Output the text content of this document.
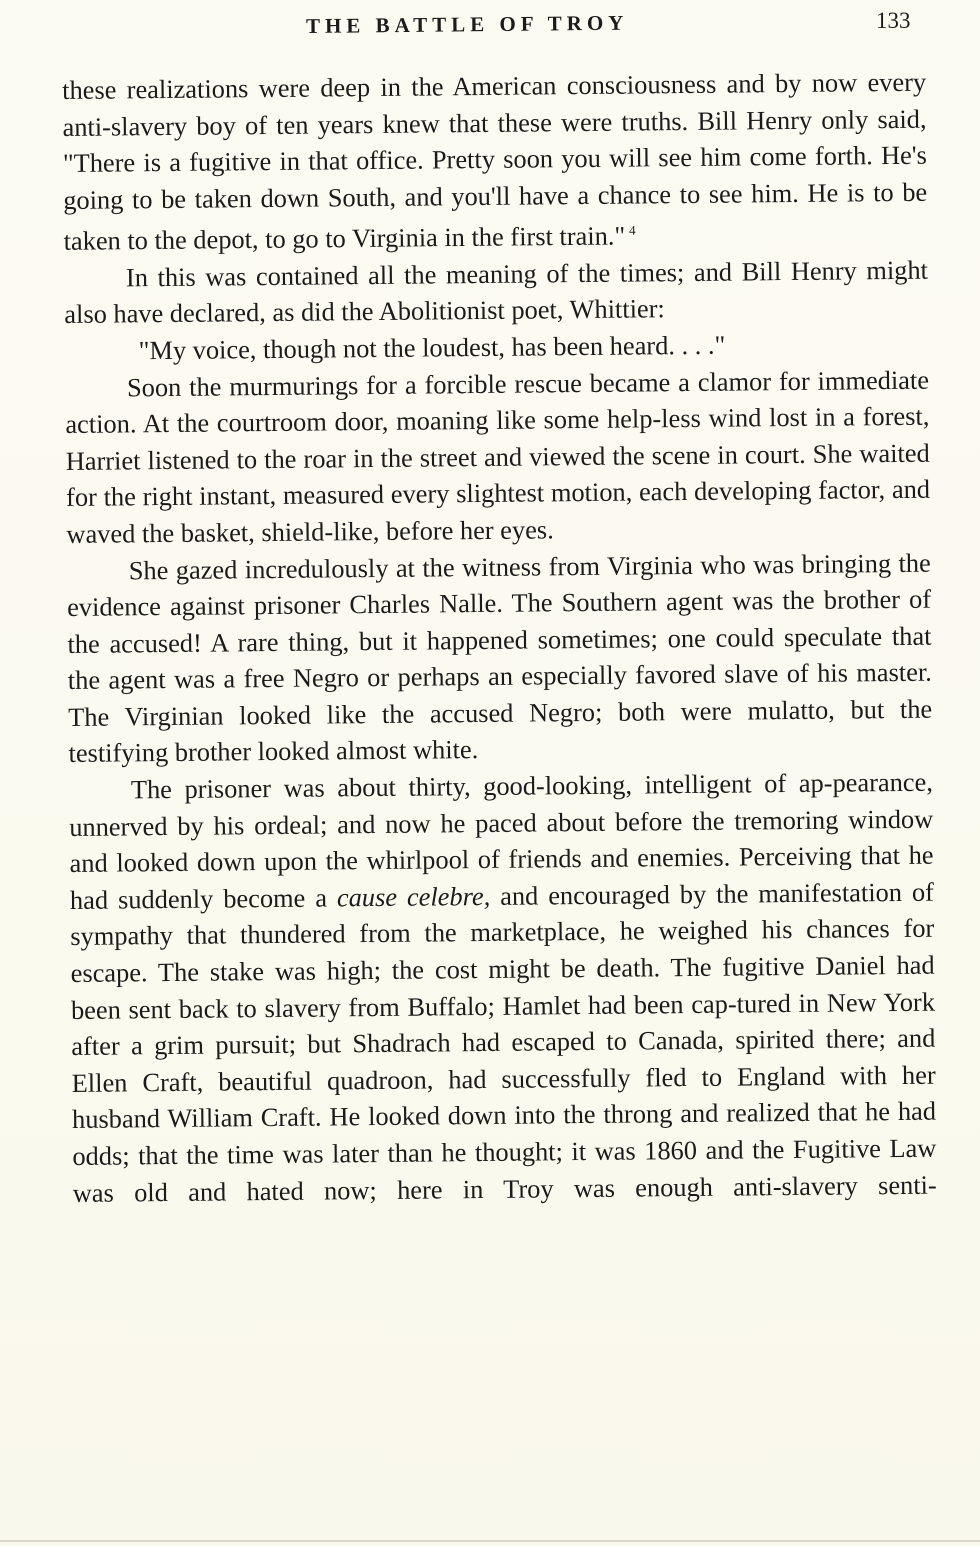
THE BATTLE OF TROY	133

these realizations were deep in the American consciousness and by now every anti-slavery boy of ten years knew that these were truths. Bill Henry only said, "There is a fugitive in that office. Pretty soon you will see him come forth. He's going to be taken down South, and you'll have a chance to see him. He is to be taken to the depot, to go to Virginia in the first train." $^4$

In this was contained all the meaning of the times; and Bill Henry might also have declared, as did the Abolitionist poet, Whittier:

"My voice, though not the loudest, has been heard. . . ."

Soon the murmurings for a forcible rescue became a clamor for immediate action. At the courtroom door, moaning like some help-less wind lost in a forest, Harriet listened to the roar in the street and viewed the scene in court. She waited for the right instant, measured every slightest motion, each developing factor, and waved the basket, shield-like, before her eyes.

She gazed incredulously at the witness from Virginia who was bringing the evidence against prisoner Charles Nalle. The Southern agent was the brother of the accused! A rare thing, but it happened sometimes; one could speculate that the agent was a free Negro or perhaps an especially favored slave of his master. The Virginian looked like the accused Negro; both were mulatto, but the testifying brother looked almost white.

The prisoner was about thirty, good-looking, intelligent of ap-pearance, unnerved by his ordeal; and now he paced about before the tremoring window and looked down upon the whirlpool of friends and enemies. Perceiving that he had suddenly become a cause celebre, and encouraged by the manifestation of sympathy that thundered from the marketplace, he weighed his chances for escape. The stake was high; the cost might be death. The fugitive Daniel had been sent back to slavery from Buffalo; Hamlet had been cap-tured in New York after a grim pursuit; but Shadrach had escaped to Canada, spirited there; and Ellen Craft, beautiful quadroon, had successfully fled to England with her husband William Craft. He looked down into the throng and realized that he had odds; that the time was later than he thought; it was 1860 and the Fugitive Law was old and hated now; here in Troy was enough anti-slavery senti-
